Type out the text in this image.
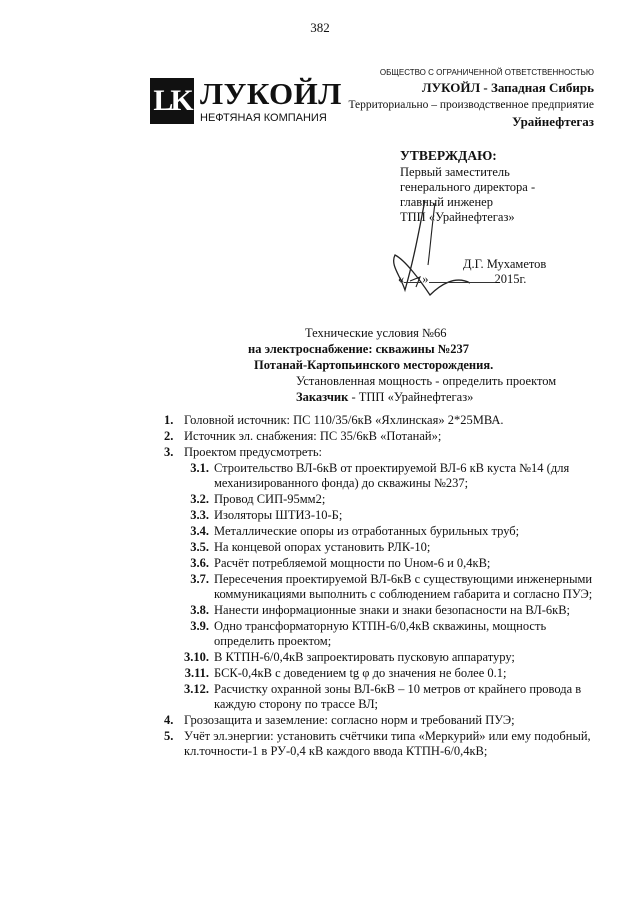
382
LK ЛУКОЙЛ
НЕФТЯНАЯ КОМПАНИЯ
ОБЩЕСТВО С ОГРАНИЧЕННОЙ ОТВЕТСТВЕННОСТЬЮ
ЛУКОЙЛ - Западная Сибирь
Территориально – производственное предприятие
Урайнефтегаз
УТВЕРЖДАЮ:
Первый заместитель
генерального директора -
главный инженер
ТПП «Урайнефтегаз»
Д.Г. Мухаметов
« »	2015г.
Технические условия №66
на электроснабжение: скважины №237
Потанай-Картопьинского месторождения.
Установленная мощность - определить проектом
Заказчик - ТПП «Урайнефтегаз»
1. Головной источник: ПС 110/35/6кВ «Яхлинская» 2*25МВА.
2. Источник эл. снабжения: ПС 35/6кВ «Потанай»;
3. Проектом предусмотреть:
3.1. Строительство ВЛ-6кВ от проектируемой ВЛ-6 кВ куста №14 (для механизированного фонда) до скважины №237;
3.2. Провод СИП-95мм2;
3.3. Изоляторы ШТИЗ-10-Б;
3.4. Металлические опоры из отработанных бурильных труб;
3.5. На концевой опорах установить РЛК-10;
3.6. Расчёт потребляемой мощности по Uном-6 и 0,4кВ;
3.7. Пересечения проектируемой ВЛ-6кВ с существующими инженерными коммуникациями выполнить с соблюдением габарита и согласно ПУЭ;
3.8. Нанести информационные знаки и знаки безопасности на ВЛ-6кВ;
3.9. Одно трансформаторную КТПН-6/0,4кВ скважины, мощность определить проектом;
3.10. В КТПН-6/0,4кВ запроектировать пусковую аппаратуру;
3.11. БСК-0,4кВ с доведением tg φ до значения не более 0.1;
3.12. Расчистку охранной зоны ВЛ-6кВ – 10 метров от крайнего провода в каждую сторону по трассе ВЛ;
4. Грозозащита и заземление: согласно норм и требований ПУЭ;
5. Учёт эл.энергии: установить счётчики типа «Меркурий» или ему подобный, кл.точности-1 в РУ-0,4 кВ каждого ввода КТПН-6/0,4кВ;
